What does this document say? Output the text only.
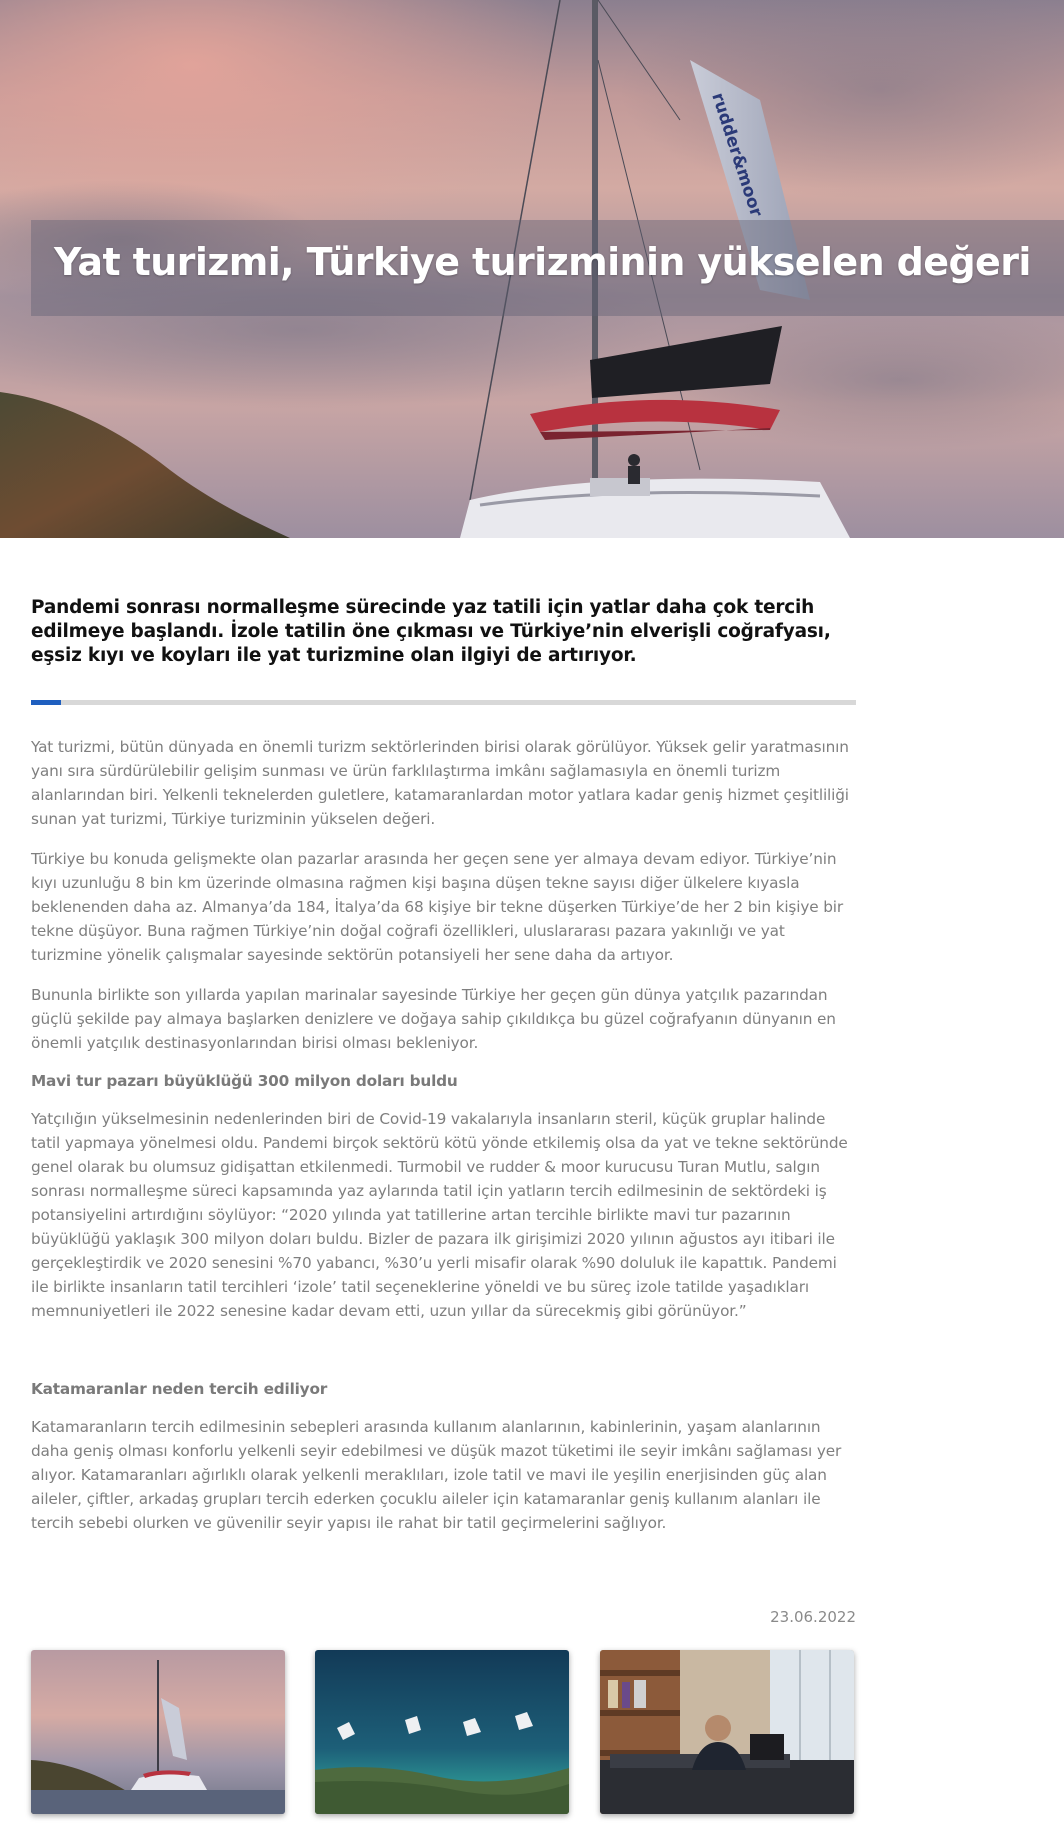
rudder&moor
Yat turizmi, Türkiye turizminin yükselen değeri

Pandemi sonrası normalleşme sürecinde yaz tatili için yatlar daha çok tercih edilmeye başlandı. İzole tatilin öne çıkması ve Türkiye’nin elverişli coğrafyası, eşsiz kıyı ve koyları ile yat turizmine olan ilgiyi de artırıyor.

Yat turizmi, bütün dünyada en önemli turizm sektörlerinden birisi olarak görülüyor. Yüksek gelir yaratmasının yanı sıra sürdürülebilir gelişim sunması ve ürün farklılaştırma imkânı sağlamasıyla en önemli turizm alanlarından biri. Yelkenli teknelerden guletlere, katamaranlardan motor yatlara kadar geniş hizmet çeşitliliği sunan yat turizmi, Türkiye turizminin yükselen değeri.

Türkiye bu konuda gelişmekte olan pazarlar arasında her geçen sene yer almaya devam ediyor. Türkiye’nin kıyı uzunluğu 8 bin km üzerinde olmasına rağmen kişi başına düşen tekne sayısı diğer ülkelere kıyasla beklenenden daha az. Almanya’da 184, İtalya’da 68 kişiye bir tekne düşerken Türkiye’de her 2 bin kişiye bir tekne düşüyor. Buna rağmen Türkiye’nin doğal coğrafi özellikleri, uluslararası pazara yakınlığı ve yat turizmine yönelik çalışmalar sayesinde sektörün potansiyeli her sene daha da artıyor.

Bununla birlikte son yıllarda yapılan marinalar sayesinde Türkiye her geçen gün dünya yatçılık pazarından güçlü şekilde pay almaya başlarken denizlere ve doğaya sahip çıkıldıkça bu güzel coğrafyanın dünyanın en önemli yatçılık destinasyonlarından birisi olması bekleniyor.

Mavi tur pazarı büyüklüğü 300 milyon doları buldu

Yatçılığın yükselmesinin nedenlerinden biri de Covid-19 vakalarıyla insanların steril, küçük gruplar halinde tatil yapmaya yönelmesi oldu. Pandemi birçok sektörü kötü yönde etkilemiş olsa da yat ve tekne sektöründe genel olarak bu olumsuz gidişattan etkilenmedi. Turmobil ve rudder & moor kurucusu Turan Mutlu, salgın sonrası normalleşme süreci kapsamında yaz aylarında tatil için yatların tercih edilmesinin de sektördeki iş potansiyelini artırdığını söylüyor: “2020 yılında yat tatillerine artan tercihle birlikte mavi tur pazarının büyüklüğü yaklaşık 300 milyon doları buldu. Bizler de pazara ilk girişimizi 2020 yılının ağustos ayı itibari ile gerçekleştirdik ve 2020 senesini %70 yabancı, %30’u yerli misafir olarak %90 doluluk ile kapattık. Pandemi ile birlikte insanların tatil tercihleri ‘izole’ tatil seçeneklerine yöneldi ve bu süreç izole tatilde yaşadıkları memnuniyetleri ile 2022 senesine kadar devam etti, uzun yıllar da sürecekmiş gibi görünüyor.”

Katamaranlar neden tercih ediliyor

Katamaranların tercih edilmesinin sebepleri arasında kullanım alanlarının, kabinlerinin, yaşam alanlarının daha geniş olması konforlu yelkenli seyir edebilmesi ve düşük mazot tüketimi ile seyir imkânı sağlaması yer alıyor. Katamaranları ağırlıklı olarak yelkenli meraklıları, izole tatil ve mavi ile yeşilin enerjisinden güç alan aileler, çiftler, arkadaş grupları tercih ederken çocuklu aileler için katamaranlar geniş kullanım alanları ile tercih sebebi olurken ve güvenilir seyir yapısı ile rahat bir tatil geçirmelerini sağlıyor.

23.06.2022
